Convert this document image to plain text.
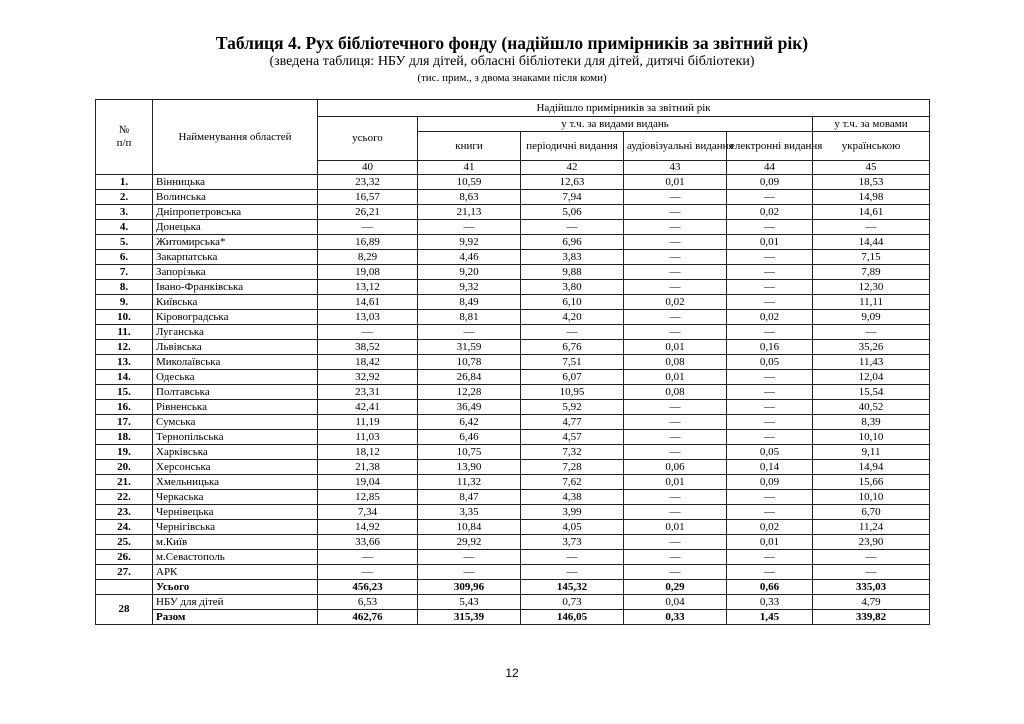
Таблиця 4. Рух бібліотечного фонду (надійшло примірників за звітний рік)
(зведена таблиця: НБУ для дітей, обласні бібліотеки для дітей, дитячі бібліотеки)
(тис. прим., з двома знаками після коми)
№
п/п	Найменування областей	Надійшло примірників за звітний рік					
		усього	у т.ч. за видами видань				у т.ч. за мовами
			книги	періодичні видання	аудіовізуальні видання	електронні видання	українською
		40	41	42	43	44	45
1.	Вінницька	23,32	10,59	12,63	0,01	0,09	18,53
2.	Волинська	16,57	8,63	7,94	—	—	14,98
3.	Дніпропетровська	26,21	21,13	5,06	—	0,02	14,61
4.	Донецька	—	—	—	—	—	—
5.	Житомирська*	16,89	9,92	6,96	—	0,01	14,44
6.	Закарпатська	8,29	4,46	3,83	—	—	7,15
7.	Запорізька	19,08	9,20	9,88	—	—	7,89
8.	Івано-Франківська	13,12	9,32	3,80	—	—	12,30
9.	Київська	14,61	8,49	6,10	0,02	—	11,11
10.	Кіровоградська	13,03	8,81	4,20	—	0,02	9,09
11.	Луганська	—	—	—	—	—	—
12.	Львівська	38,52	31,59	6,76	0,01	0,16	35,26
13.	Миколаївська	18,42	10,78	7,51	0,08	0,05	11,43
14.	Одеська	32,92	26,84	6,07	0,01	—	12,04
15.	Полтавська	23,31	12,28	10,95	0,08	—	15,54
16.	Рівненська	42,41	36,49	5,92	—	—	40,52
17.	Сумська	11,19	6,42	4,77	—	—	8,39
18.	Тернопільська	11,03	6,46	4,57	—	—	10,10
19.	Харківська	18,12	10,75	7,32	—	0,05	9,11
20.	Херсонська	21,38	13,90	7,28	0,06	0,14	14,94
21.	Хмельницька	19,04	11,32	7,62	0,01	0,09	15,66
22.	Черкаська	12,85	8,47	4,38	—	—	10,10
23.	Чернівецька	7,34	3,35	3,99	—	—	6,70
24.	Чернігівська	14,92	10,84	4,05	0,01	0,02	11,24
25.	м.Київ	33,66	29,92	3,73	—	0,01	23,90
26.	м.Севастополь	—	—	—	—	—	—
27.	АРК	—	—	—	—	—	—
	Усього	456,23	309,96	145,32	0,29	0,66	335,03
28	НБУ для дітей	6,53	5,43	0,73	0,04	0,33	4,79
	Разом	462,76	315,39	146,05	0,33	1,45	339,82
12
